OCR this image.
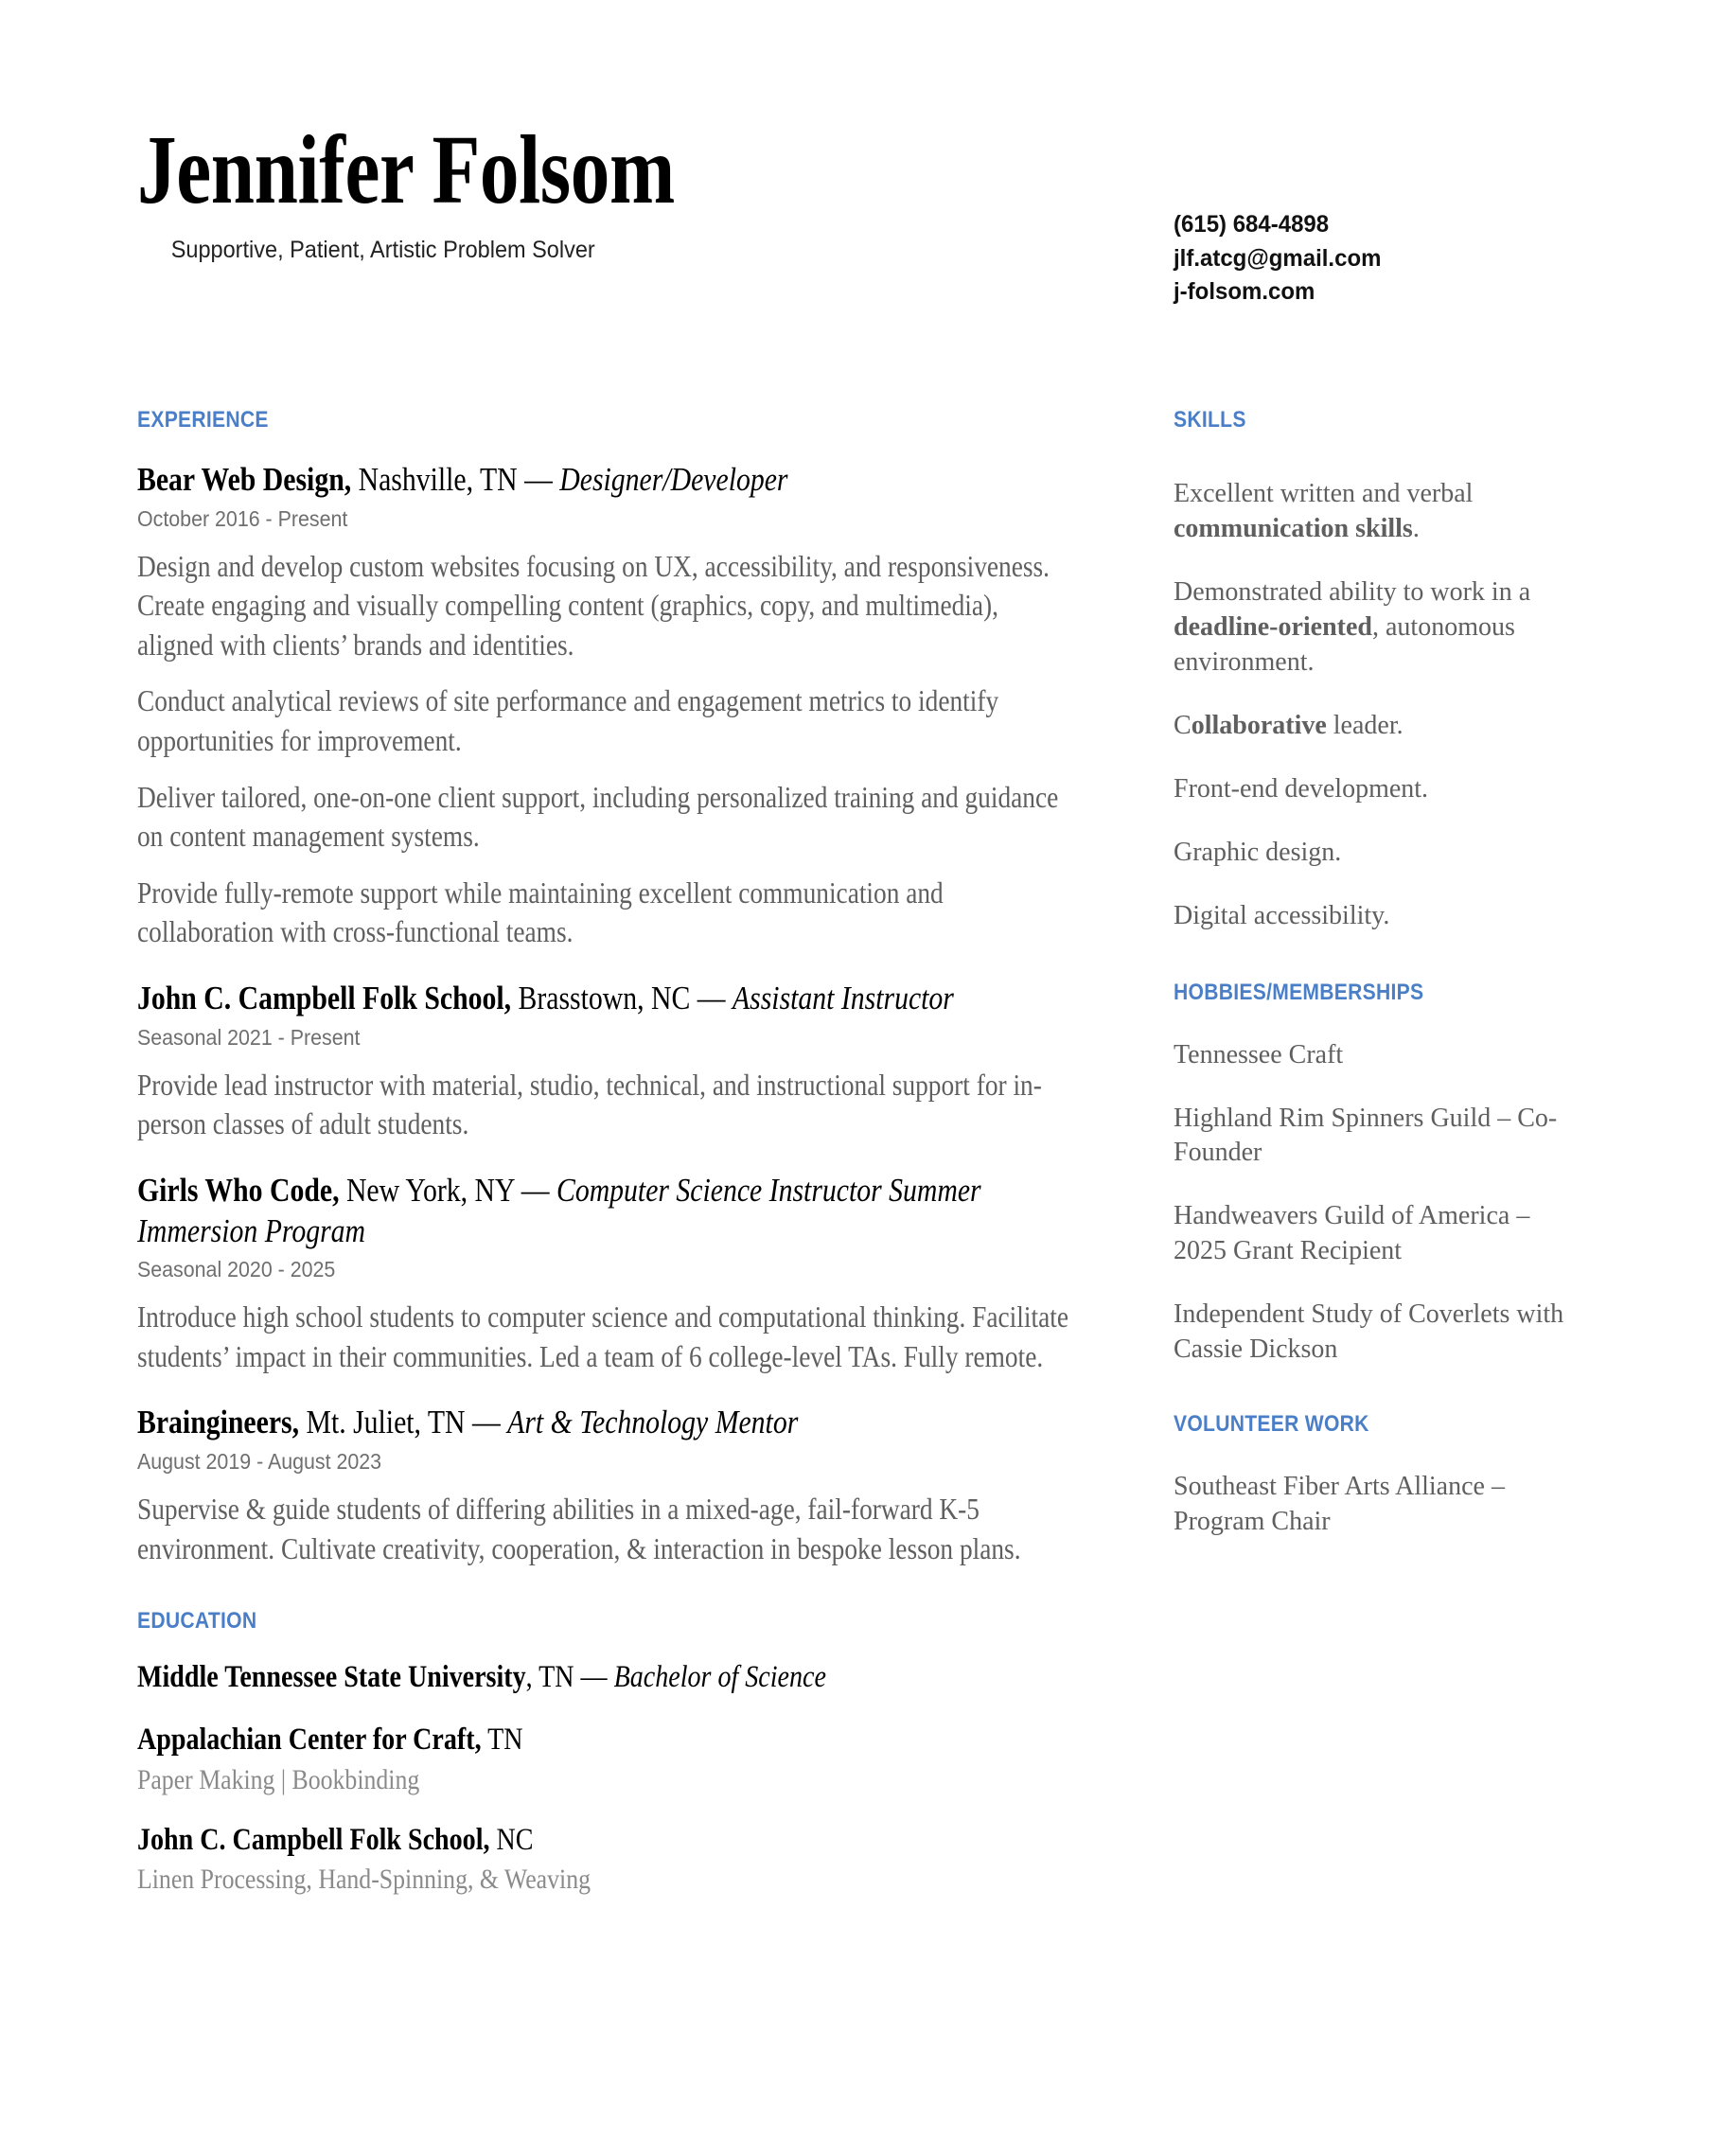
Jennifer Folsom

Supportive, Patient, Artistic Problem Solver

(615) 684-4898
jlf.atcg@gmail.com
j-folsom.com
EXPERIENCE
Bear Web Design, Nashville, TN — Designer/Developer
October 2016 - Present

Design and develop custom websites focusing on UX, accessibility, and responsiveness. Create engaging and visually compelling content (graphics, copy, and multimedia), aligned with clients’ brands and identities.

Conduct analytical reviews of site performance and engagement metrics to identify opportunities for improvement.

Deliver tailored, one-on-one client support, including personalized training and guidance on content management systems.

Provide fully-remote support while maintaining excellent communication and collaboration with cross-functional teams.

John C. Campbell Folk School, Brasstown, NC — Assistant Instructor
Seasonal 2021 - Present

Provide lead instructor with material, studio, technical, and instructional support for in-person classes of adult students.

Girls Who Code, New York, NY — Computer Science Instructor Summer Immersion Program
Seasonal 2020 - 2025

Introduce high school students to computer science and computational thinking. Facilitate students’ impact in their communities. Led a team of 6 college-level TAs. Fully remote.

Braingineers, Mt. Juliet, TN — Art & Technology Mentor
August 2019 - August 2023

Supervise & guide students of differing abilities in a mixed-age, fail-forward K-5 environment. Cultivate creativity, cooperation, & interaction in bespoke lesson plans.

EDUCATION
Middle Tennessee State University, TN — Bachelor of Science
Appalachian Center for Craft, TN
Paper Making | Bookbinding
John C. Campbell Folk School, NC
Linen Processing, Hand-Spinning, & Weaving
SKILLS

Excellent written and verbal communication skills.

Demonstrated ability to work in a deadline-oriented, autonomous environment.

Collaborative leader.

Front-end development.

Graphic design.

Digital accessibility.

HOBBIES/MEMBERSHIPS

Tennessee Craft

Highland Rim Spinners Guild – Co-Founder

Handweavers Guild of America – 2025 Grant Recipient

Independent Study of Coverlets with Cassie Dickson

VOLUNTEER WORK

Southeast Fiber Arts Alliance – Program Chair
